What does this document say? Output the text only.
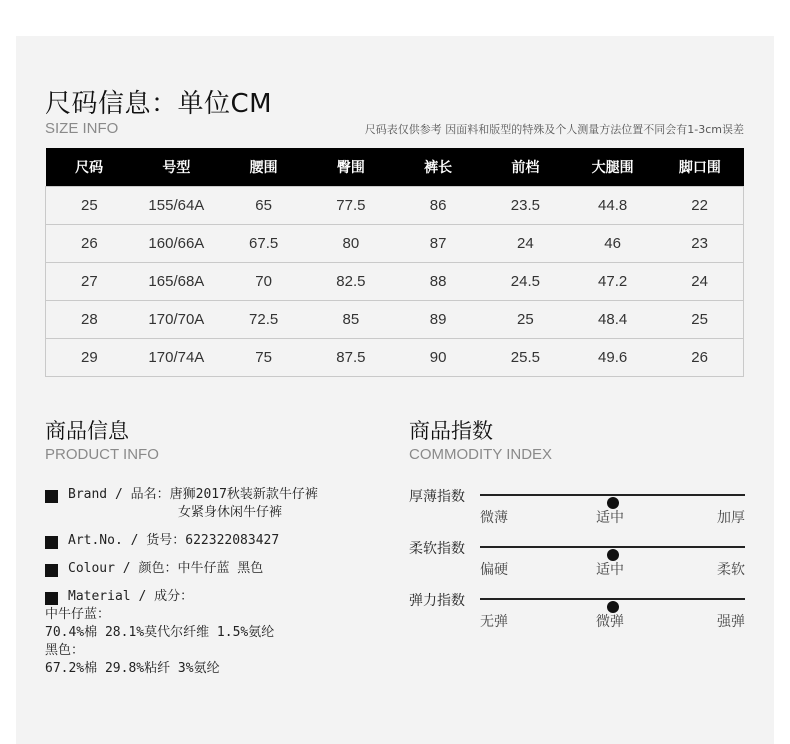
尺码信息：单位CM
SIZE INFO	尺码表仅供参考 因面料和版型的特殊及个人测量方法位置不同会有1-3cm误差
尺码	号型	腰围	臀围	裤长	前档	大腿围	脚口围
25	155/64A	65	77.5	86	23.5	44.8	22
26	160/66A	67.5	80	87	24	46	23
27	165/68A	70	82.5	88	24.5	47.2	24
28	170/70A	72.5	85	89	25	48.4	25
29	170/74A	75	87.5	90	25.5	49.6	26
商品信息
PRODUCT INFO
Brand / 品名：唐狮2017秋装新款牛仔裤
女紧身休闲牛仔裤
Art.No. / 货号：622322083427
Colour / 颜色：中牛仔蓝 黑色
Material / 成分：
中牛仔蓝：
70.4%棉 28.1%莫代尔纤维 1.5%氨纶
黑色：
67.2%棉 29.8%粘纤 3%氨纶
商品指数
COMMODITY INDEX
厚薄指数
微薄	适中	加厚
柔软指数
偏硬	适中	柔软
弹力指数
无弹	微弹	强弹
